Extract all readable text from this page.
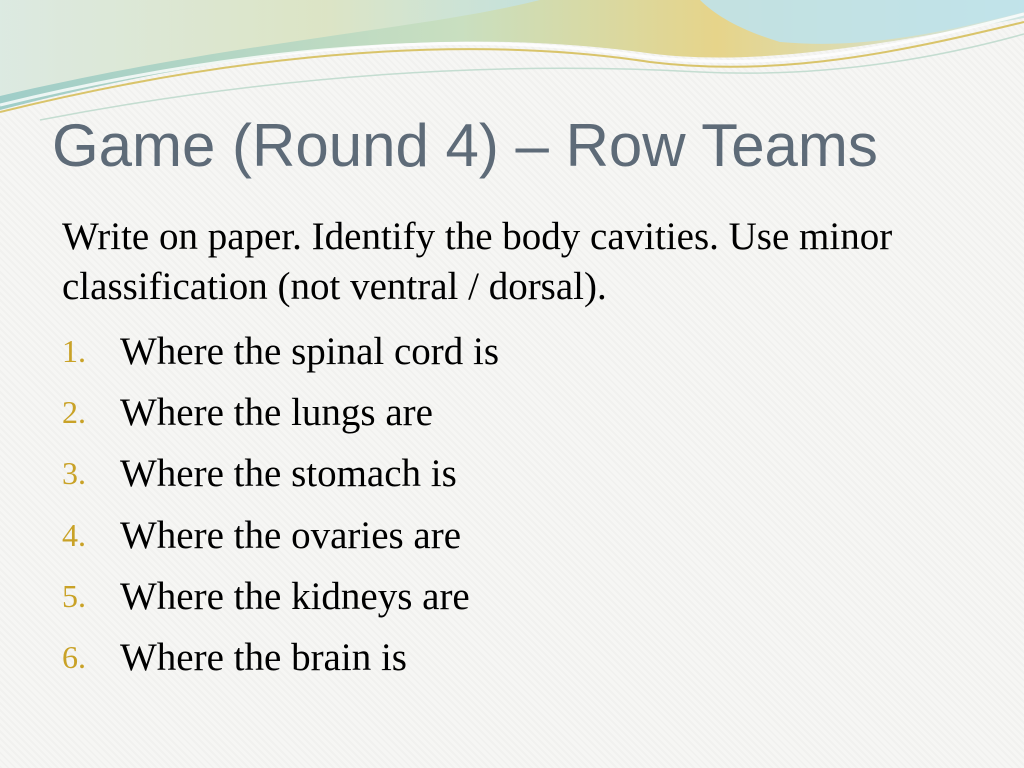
Game (Round 4) – Row Teams

Write on paper. Identify the body cavities. Use minor classification (not ventral / dorsal).

1. Where the spinal cord is
2. Where the lungs are
3. Where the stomach is
4. Where the ovaries are
5. Where the kidneys are
6. Where the brain is
